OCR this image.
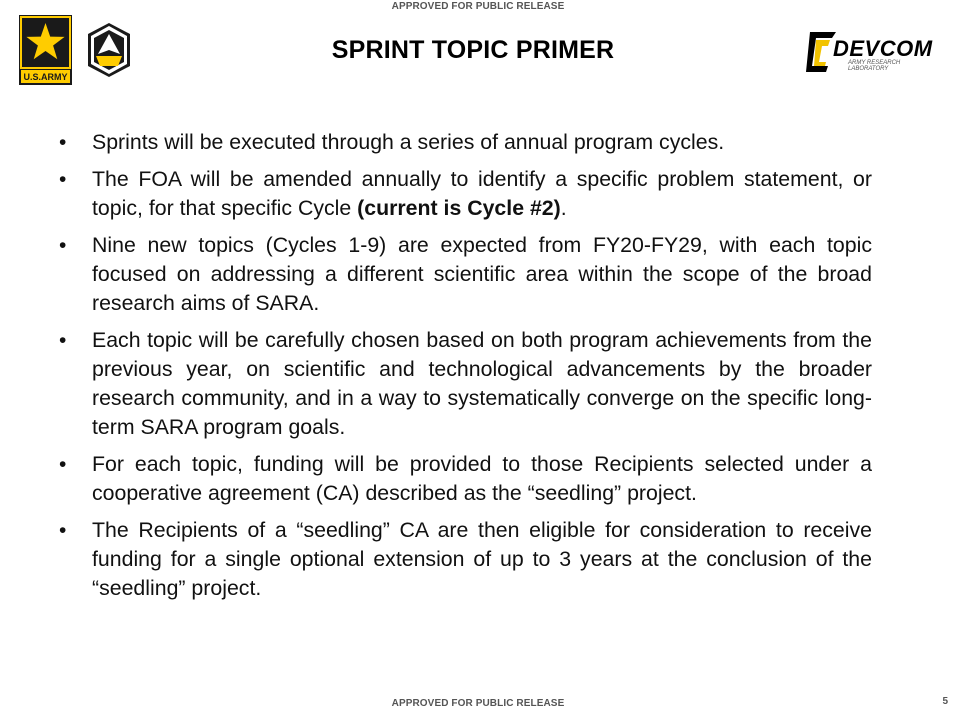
APPROVED FOR PUBLIC RELEASE
U.S.ARMY
SPRINT TOPIC PRIMER	DEVCOM
ARMY RESEARCH
LABORATORY
• Sprints will be executed through a series of annual program cycles.
• The FOA will be amended annually to identify a specific problem statement, or topic, for that specific Cycle (current is Cycle #2).
• Nine new topics (Cycles 1-9) are expected from FY20-FY29, with each topic focused on addressing a different scientific area within the scope of the broad research aims of SARA.
• Each topic will be carefully chosen based on both program achievements from the previous year, on scientific and technological advancements by the broader research community, and in a way to systematically converge on the specific long-term SARA program goals.
• For each topic, funding will be provided to those Recipients selected under a cooperative agreement (CA) described as the “seedling” project.
• The Recipients of a “seedling” CA are then eligible for consideration to receive funding for a single optional extension of up to 3 years at the conclusion of the “seedling” project.
APPROVED FOR PUBLIC RELEASE	5
